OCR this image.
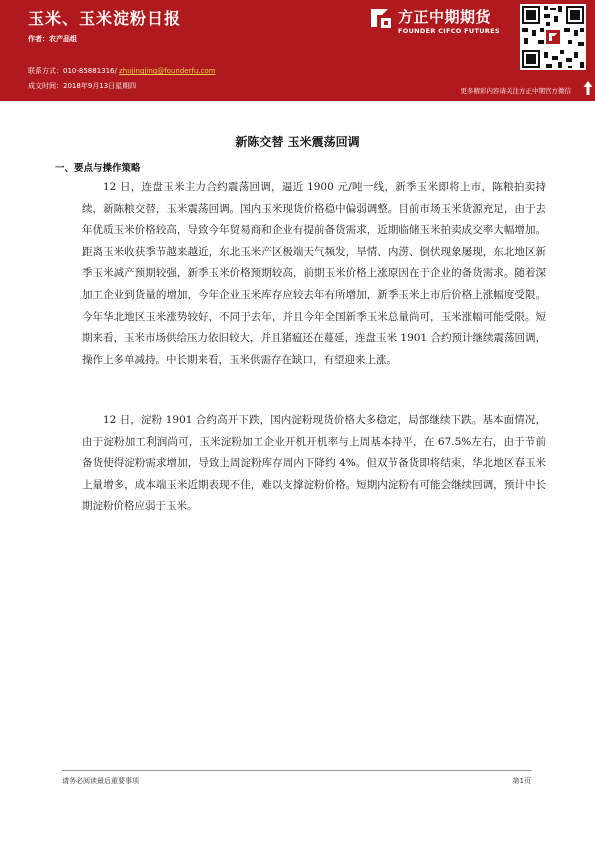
玉米、玉米淀粉日报
作者：农产品组
联系方式：010-85881316/ zhujingjing@founderfu.com
成文时间：2018年9月13日星期四
方正中期期货
FOUNDER CIFCO FUTURES
更多精彩内容请关注方正中期官方微信
新陈交替 玉米震荡回调
一、要点与操作策略

12 日，连盘玉米主力合约震荡回调，逼近 1900 元/吨一线，新季玉米即将上市，陈粮拍卖持续，新陈粮交替，玉米震荡回调。国内玉米现货价格稳中偏弱调整。目前市场玉米货源充足，由于去年优质玉米价格较高，导致今年贸易商和企业有提前备货需求，近期临储玉米拍卖成交率大幅增加。距离玉米收获季节越来越近，东北玉米产区极端天气频发，旱情、内涝、倒伏现象屡现，东北地区新季玉米减产预期较强，新季玉米价格预期较高，前期玉米价格上涨原因在于企业的备货需求。随着深加工企业到货量的增加，今年企业玉米库存应较去年有所增加，新季玉米上市后价格上涨幅度受限。今年华北地区玉米涨势较好，不同于去年，并且今年全国新季玉米总量尚可，玉米涨幅可能受限。短期来看，玉米市场供给压力依旧较大，并且猪瘟还在蔓延，连盘玉米 1901 合约预计继续震荡回调，操作上多单减持。中长期来看，玉米供需存在缺口，有望迎来上涨。

12 日，淀粉 1901 合约高开下跌，国内淀粉现货价格大多稳定，局部继续下跌。基本面情况，由于淀粉加工利润尚可，玉米淀粉加工企业开机开机率与上周基本持平，在 67.5%左右，由于节前备货使得淀粉需求增加，导致上周淀粉库存周内下降约 4%。但双节备货即将结束，华北地区春玉米上量增多，成本端玉米近期表现不佳，难以支撑淀粉价格。短期内淀粉有可能会继续回调，预计中长期淀粉价格应弱于玉米。

请务必阅读最后重要事项	第1页
